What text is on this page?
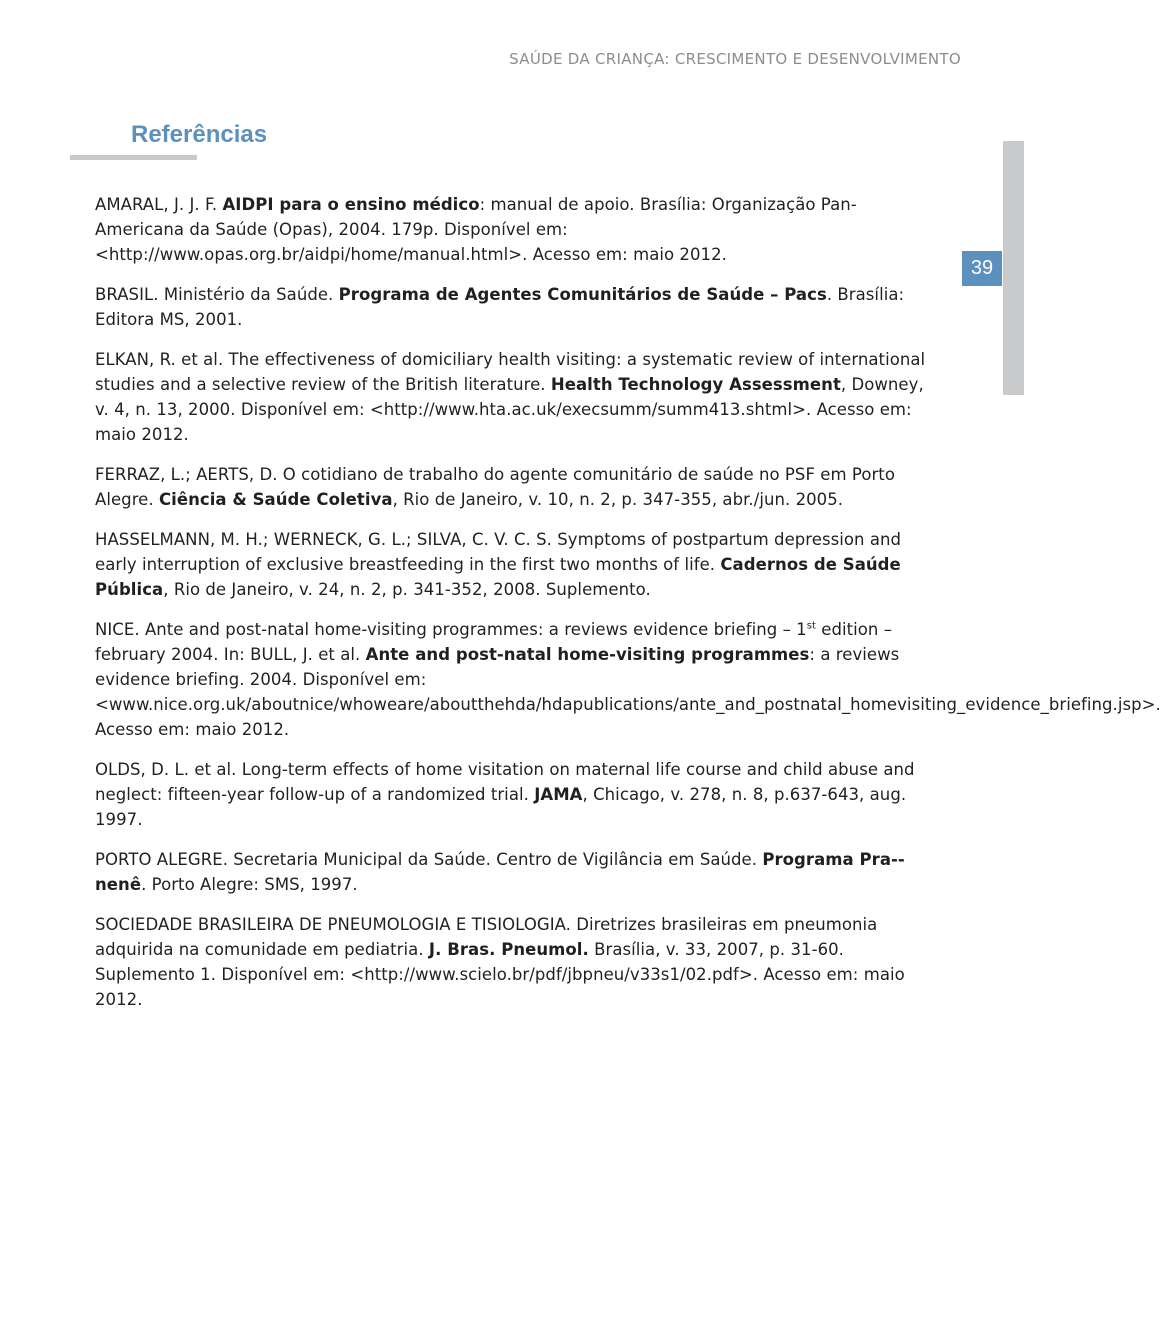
SAÚDE DA CRIANÇA: CRESCIMENTO E DESENVOLVIMENTO
39
Referências
AMARAL, J. J. F. AIDPI para o ensino médico: manual de apoio. Brasília: Organização Pan-Americana da Saúde (Opas), 2004. 179p. Disponível em: <http://www.opas.org.br/aidpi/home/manual.html>. Acesso em: maio 2012.
BRASIL. Ministério da Saúde. Programa de Agentes Comunitários de Saúde – Pacs. Brasília: Editora MS, 2001.
ELKAN, R. et al. The effectiveness of domiciliary health visiting: a systematic review of international studies and a selective review of the British literature. Health Technology Assessment, Downey, v. 4, n. 13, 2000. Disponível em: <http://www.hta.ac.uk/execsumm/summ413.shtml>. Acesso em: maio 2012.
FERRAZ, L.; AERTS, D. O cotidiano de trabalho do agente comunitário de saúde no PSF em Porto Alegre. Ciência & Saúde Coletiva, Rio de Janeiro, v. 10, n. 2, p. 347-355, abr./jun. 2005.
HASSELMANN, M. H.; WERNECK, G. L.; SILVA, C. V. C. S. Symptoms of postpartum depression and early interruption of exclusive breastfeeding in the first two months of life. Cadernos de Saúde Pública, Rio de Janeiro, v. 24, n. 2, p. 341-352, 2008. Suplemento.
NICE. Ante and post-natal home-visiting programmes: a reviews evidence briefing – 1st edition – february 2004. In: BULL, J. et al. Ante and post-natal home-visiting programmes: a reviews evidence briefing. 2004. Disponível em: <www.nice.org.uk/aboutnice/whoweare/aboutthehda/hdapublications/ante_and_postnatal_homevisiting_evidence_briefing.jsp>. Acesso em: maio 2012.
OLDS, D. L. et al. Long-term effects of home visitation on maternal life course and child abuse and neglect: fifteen-year follow-up of a randomized trial. JAMA, Chicago, v. 278, n. 8, p.637-643, aug. 1997.
PORTO ALEGRE. Secretaria Municipal da Saúde. Centro de Vigilância em Saúde. Programa Pra--nenê. Porto Alegre: SMS, 1997.
SOCIEDADE BRASILEIRA DE PNEUMOLOGIA E TISIOLOGIA. Diretrizes brasileiras em pneumonia adquirida na comunidade em pediatria. J. Bras. Pneumol. Brasília, v. 33, 2007, p. 31-60. Suplemento 1. Disponível em: <http://www.scielo.br/pdf/jbpneu/v33s1/02.pdf>. Acesso em: maio 2012.
